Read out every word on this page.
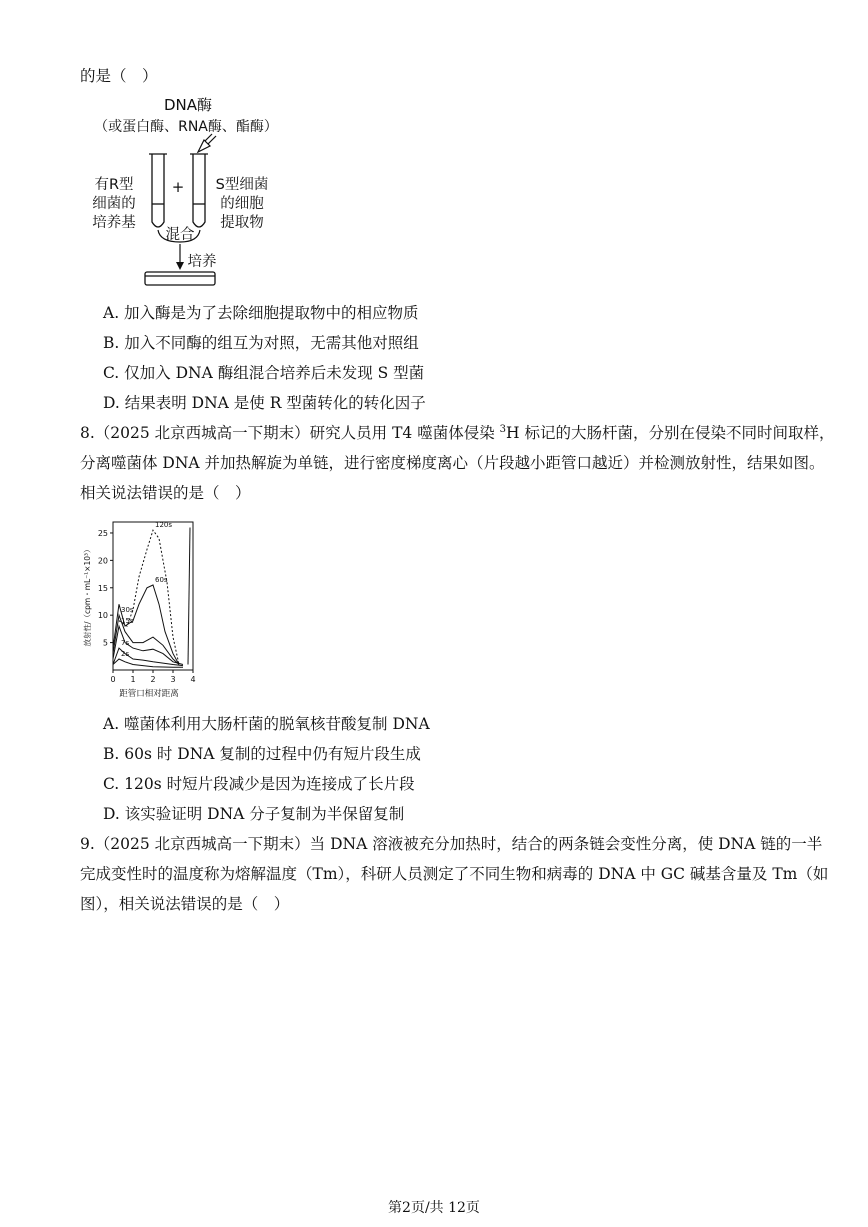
的是（　）
DNA酶
（或蛋白酶、RNA酶、酯酶）
+
有R型
细菌的
培养基
S型细菌
的细胞
提取物
混合
培养
A. 加入酶是为了去除细胞提取物中的相应物质
B. 加入不同酶的组互为对照，无需其他对照组
C. 仅加入 DNA 酶组混合培养后未发现 S 型菌
D. 结果表明 DNA 是使 R 型菌转化的转化因子
8.（2025 北京西城高一下期末）研究人员用 T4 噬菌体侵染 $^3$H 标记的大肠杆菌，分别在侵染不同时间取样，
分离噬菌体 DNA 并加热解旋为单链，进行密度梯度离心（片段越小距管口越近）并检测放射性，结果如图。
相关说法错误的是（　）
0 1 2 3 4
5
10
15
20
25
2s
7s
15s
30s
60s
120s
距管口相对距离
放射性/（cpm・mL⁻¹×10³）
A. 噬菌体利用大肠杆菌的脱氧核苷酸复制 DNA
B. 60s 时 DNA 复制的过程中仍有短片段生成
C. 120s 时短片段减少是因为连接成了长片段
D. 该实验证明 DNA 分子复制为半保留复制
9.（2025 北京西城高一下期末）当 DNA 溶液被充分加热时，结合的两条链会变性分离，使 DNA 链的一半
完成变性时的温度称为熔解温度（Tm），科研人员测定了不同生物和病毒的 DNA 中 GC 碱基含量及 Tm（如
图），相关说法错误的是（　）
第2页/共 12页
